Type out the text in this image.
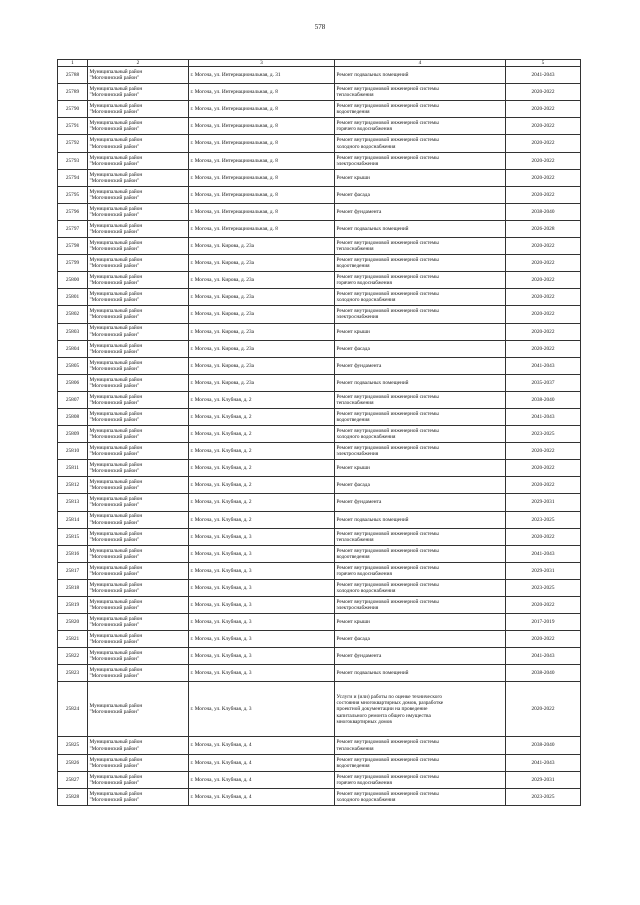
578
1	2	3	4	5
25788	Муниципальный район
"Могочинский район"	г. Могоча, ул. Интернациональная, д. 31	Ремонт подвальных помещений	2041-2043
25789	Муниципальный район
"Могочинский район"	г. Могоча, ул. Интернациональная, д. 8	Ремонт внутридомовой инженерной системы
теплоснабжения	2020-2022
25790	Муниципальный район
"Могочинский район"	г. Могоча, ул. Интернациональная, д. 8	Ремонт внутридомовой инженерной системы
водоотведения	2020-2022
25791	Муниципальный район
"Могочинский район"	г. Могоча, ул. Интернациональная, д. 8	Ремонт внутридомовой инженерной системы
горячего водоснабжения	2020-2022
25792	Муниципальный район
"Могочинский район"	г. Могоча, ул. Интернациональная, д. 8	Ремонт внутридомовой инженерной системы
холодного водоснабжения	2020-2022
25793	Муниципальный район
"Могочинский район"	г. Могоча, ул. Интернациональная, д. 8	Ремонт внутридомовой инженерной системы
электроснабжения	2020-2022
25794	Муниципальный район
"Могочинский район"	г. Могоча, ул. Интернациональная, д. 8	Ремонт крыши	2020-2022
25795	Муниципальный район
"Могочинский район"	г. Могоча, ул. Интернациональная, д. 8	Ремонт фасада	2020-2022
25796	Муниципальный район
"Могочинский район"	г. Могоча, ул. Интернациональная, д. 8	Ремонт фундамента	2038-2040
25797	Муниципальный район
"Могочинский район"	г. Могоча, ул. Интернациональная, д. 8	Ремонт подвальных помещений	2026-2028
25798	Муниципальный район
"Могочинский район"	г. Могоча, ул. Кирова, д. 23а	Ремонт внутридомовой инженерной системы
теплоснабжения	2020-2022
25799	Муниципальный район
"Могочинский район"	г. Могоча, ул. Кирова, д. 23а	Ремонт внутридомовой инженерной системы
водоотведения	2020-2022
25800	Муниципальный район
"Могочинский район"	г. Могоча, ул. Кирова, д. 23а	Ремонт внутридомовой инженерной системы
горячего водоснабжения	2020-2022
25801	Муниципальный район
"Могочинский район"	г. Могоча, ул. Кирова, д. 23а	Ремонт внутридомовой инженерной системы
холодного водоснабжения	2020-2022
25802	Муниципальный район
"Могочинский район"	г. Могоча, ул. Кирова, д. 23а	Ремонт внутридомовой инженерной системы
электроснабжения	2020-2022
25803	Муниципальный район
"Могочинский район"	г. Могоча, ул. Кирова, д. 23а	Ремонт крыши	2020-2022
25804	Муниципальный район
"Могочинский район"	г. Могоча, ул. Кирова, д. 23а	Ремонт фасада	2020-2022
25805	Муниципальный район
"Могочинский район"	г. Могоча, ул. Кирова, д. 23а	Ремонт фундамента	2041-2043
25806	Муниципальный район
"Могочинский район"	г. Могоча, ул. Кирова, д. 23а	Ремонт подвальных помещений	2035-2037
25807	Муниципальный район
"Могочинский район"	г. Могоча, ул. Клубная, д. 2	Ремонт внутридомовой инженерной системы
теплоснабжения	2038-2040
25808	Муниципальный район
"Могочинский район"	г. Могоча, ул. Клубная, д. 2	Ремонт внутридомовой инженерной системы
водоотведения	2041-2043
25809	Муниципальный район
"Могочинский район"	г. Могоча, ул. Клубная, д. 2	Ремонт внутридомовой инженерной системы
холодного водоснабжения	2023-2025
25810	Муниципальный район
"Могочинский район"	г. Могоча, ул. Клубная, д. 2	Ремонт внутридомовой инженерной системы
электроснабжения	2020-2022
25811	Муниципальный район
"Могочинский район"	г. Могоча, ул. Клубная, д. 2	Ремонт крыши	2020-2022
25812	Муниципальный район
"Могочинский район"	г. Могоча, ул. Клубная, д. 2	Ремонт фасада	2020-2022
25813	Муниципальный район
"Могочинский район"	г. Могоча, ул. Клубная, д. 2	Ремонт фундамента	2029-2031
25814	Муниципальный район
"Могочинский район"	г. Могоча, ул. Клубная, д. 2	Ремонт подвальных помещений	2023-2025
25815	Муниципальный район
"Могочинский район"	г. Могоча, ул. Клубная, д. 3	Ремонт внутридомовой инженерной системы
теплоснабжения	2020-2022
25816	Муниципальный район
"Могочинский район"	г. Могоча, ул. Клубная, д. 3	Ремонт внутридомовой инженерной системы
водоотведения	2041-2043
25817	Муниципальный район
"Могочинский район"	г. Могоча, ул. Клубная, д. 3	Ремонт внутридомовой инженерной системы
горячего водоснабжения	2029-2031
25818	Муниципальный район
"Могочинский район"	г. Могоча, ул. Клубная, д. 3	Ремонт внутридомовой инженерной системы
холодного водоснабжения	2023-2025
25819	Муниципальный район
"Могочинский район"	г. Могоча, ул. Клубная, д. 3	Ремонт внутридомовой инженерной системы
электроснабжения	2020-2022
25820	Муниципальный район
"Могочинский район"	г. Могоча, ул. Клубная, д. 3	Ремонт крыши	2017-2019
25821	Муниципальный район
"Могочинский район"	г. Могоча, ул. Клубная, д. 3	Ремонт фасада	2020-2022
25822	Муниципальный район
"Могочинский район"	г. Могоча, ул. Клубная, д. 3	Ремонт фундамента	2041-2043
25823	Муниципальный район
"Могочинский район"	г. Могоча, ул. Клубная, д. 3	Ремонт подвальных помещений	2038-2040
25824	Муниципальный район
"Могочинский район"	г. Могоча, ул. Клубная, д. 3	Услуги и (или) работы по оценке технического
состояния многоквартирных домов, разработке
проектной документации на проведение
капитального ремонта общего имущества
многоквартирных домов	2020-2022
25825	Муниципальный район
"Могочинский район"	г. Могоча, ул. Клубная, д. 4	Ремонт внутридомовой инженерной системы
теплоснабжения	2038-2040
25826	Муниципальный район
"Могочинский район"	г. Могоча, ул. Клубная, д. 4	Ремонт внутридомовой инженерной системы
водоотведения	2041-2043
25827	Муниципальный район
"Могочинский район"	г. Могоча, ул. Клубная, д. 4	Ремонт внутридомовой инженерной системы
горячего водоснабжения	2029-2031
25828	Муниципальный район
"Могочинский район"	г. Могоча, ул. Клубная, д. 4	Ремонт внутридомовой инженерной системы
холодного водоснабжения	2023-2025
